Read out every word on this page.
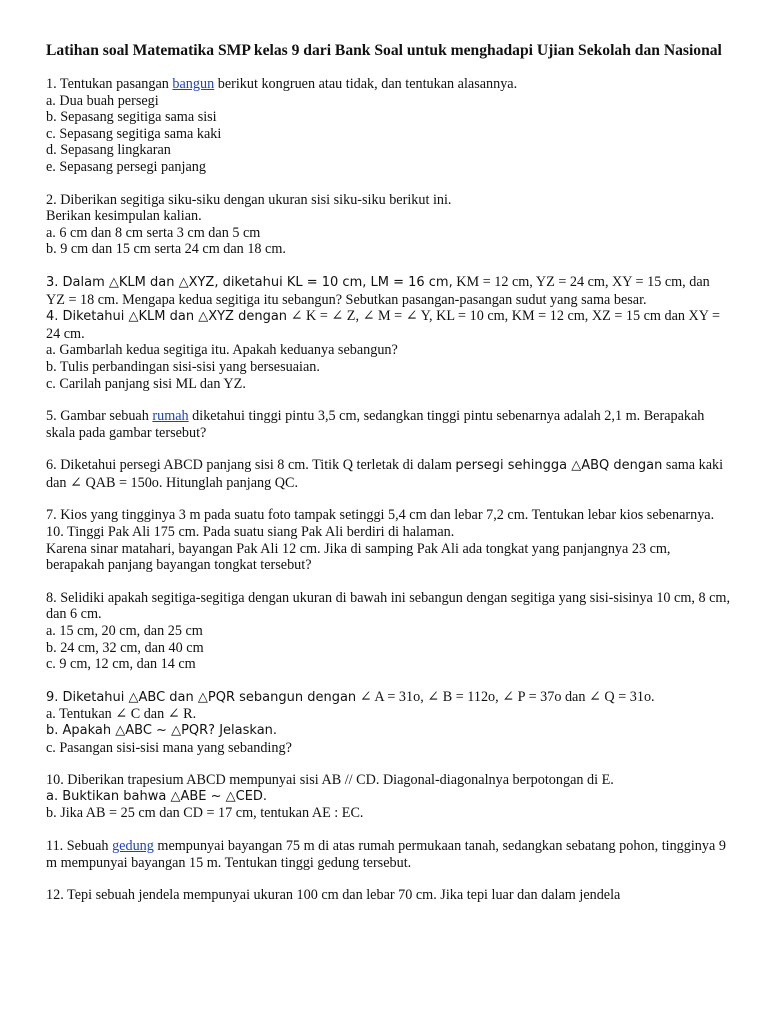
Latihan soal Matematika SMP kelas 9 dari Bank Soal untuk menghadapi Ujian Sekolah dan Nasional
1. Tentukan pasangan bangun berikut kongruen atau tidak, dan tentukan alasannya.
a. Dua buah persegi
b. Sepasang segitiga sama sisi
c. Sepasang segitiga sama kaki
d. Sepasang lingkaran
e. Sepasang persegi panjang
2. Diberikan segitiga siku-siku dengan ukuran sisi siku-siku berikut ini.
Berikan kesimpulan kalian.
a. 6 cm dan 8 cm serta 3 cm dan 5 cm
b. 9 cm dan 15 cm serta 24 cm dan 18 cm.
3. Dalam △KLM dan △XYZ, diketahui KL = 10 cm, LM = 16 cm, KM = 12 cm, YZ = 24 cm, XY = 15 cm, dan YZ = 18 cm. Mengapa kedua segitiga itu sebangun? Sebutkan pasangan-pasangan sudut yang sama besar.
4. Diketahui △KLM dan △XYZ dengan ∠ K = ∠ Z, ∠ M = ∠ Y, KL = 10 cm, KM = 12 cm, XZ = 15 cm dan XY = 24 cm.
a. Gambarlah kedua segitiga itu. Apakah keduanya sebangun?
b. Tulis perbandingan sisi-sisi yang bersesuaian.
c. Carilah panjang sisi ML dan YZ.
5. Gambar sebuah rumah diketahui tinggi pintu 3,5 cm, sedangkan tinggi pintu sebenarnya adalah 2,1 m. Berapakah skala pada gambar tersebut?
6. Diketahui persegi ABCD panjang sisi 8 cm. Titik Q terletak di dalam persegi sehingga △ABQ dengan sama kaki dan ∠ QAB = 150o. Hitunglah panjang QC.
7. Kios yang tingginya 3 m pada suatu foto tampak setinggi 5,4 cm dan lebar 7,2 cm. Tentukan lebar kios sebenarnya.
10. Tinggi Pak Ali 175 cm. Pada suatu siang Pak Ali berdiri di halaman.
Karena sinar matahari, bayangan Pak Ali 12 cm. Jika di samping Pak Ali ada tongkat yang panjangnya 23 cm, berapakah panjang bayangan tongkat tersebut?
8. Selidiki apakah segitiga-segitiga dengan ukuran di bawah ini sebangun dengan segitiga yang sisi-sisinya 10 cm, 8 cm, dan 6 cm.
a. 15 cm, 20 cm, dan 25 cm
b. 24 cm, 32 cm, dan 40 cm
c. 9 cm, 12 cm, dan 14 cm
9. Diketahui △ABC dan △PQR sebangun dengan ∠ A = 31o, ∠ B = 112o, ∠ P = 37o dan ∠ Q = 31o.
a. Tentukan ∠ C dan ∠ R.
b. Apakah △ABC ~ △PQR? Jelaskan.
c. Pasangan sisi-sisi mana yang sebanding?
10. Diberikan trapesium ABCD mempunyai sisi AB // CD. Diagonal-diagonalnya berpotongan di E.
a. Buktikan bahwa △ABE ~ △CED.
b. Jika AB = 25 cm dan CD = 17 cm, tentukan AE : EC.
11. Sebuah gedung mempunyai bayangan 75 m di atas rumah permukaan tanah, sedangkan sebatang pohon, tingginya 9 m mempunyai bayangan 15 m. Tentukan tinggi gedung tersebut.
12. Tepi sebuah jendela mempunyai ukuran 100 cm dan lebar 70 cm. Jika tepi luar dan dalam jendela
